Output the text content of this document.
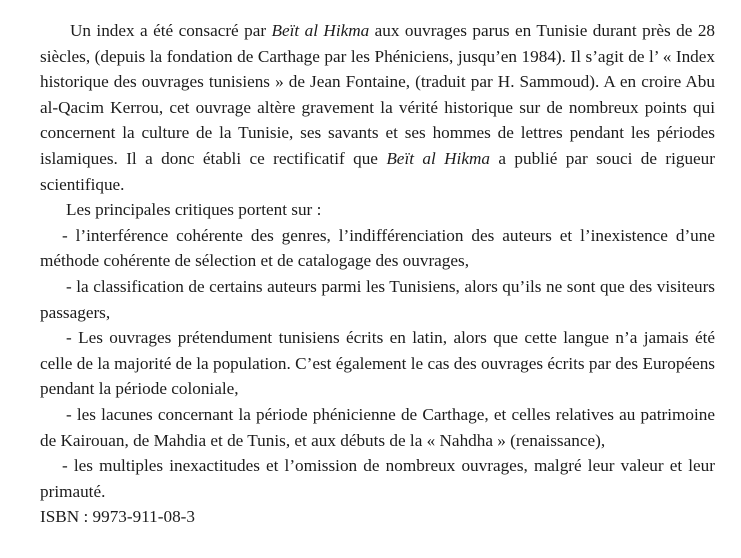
Un index a été consacré par Beït al Hikma aux ouvrages parus en Tunisie durant près de 28 siècles, (depuis la fondation de Carthage par les Phéniciens, jusqu’en 1984). Il s’agit de l’ « Index historique des ouvrages tunisiens » de Jean Fontaine, (traduit par H. Sammoud). A en croire Abu al-Qacim Kerrou, cet ouvrage altère gravement la vérité historique sur de nombreux points qui concernent la culture de la Tunisie, ses savants et ses hommes de lettres pendant les périodes islamiques. Il a donc établi ce rectificatif que Beït al Hikma a publié par souci de rigueur scientifique.

Les principales critiques portent sur :

- l’interférence cohérente des genres, l’indifférenciation des auteurs et l’inexistence d’une méthode cohérente de sélection et de catalogage des ouvrages,

- la classification de certains auteurs parmi les Tunisiens, alors qu’ils ne sont que des visiteurs passagers,

- Les ouvrages prétendument tunisiens écrits en latin, alors que cette langue n’a jamais été celle de la majorité de la population. C’est également le cas des ouvrages écrits par des Européens pendant la période coloniale,

- les lacunes concernant la période phénicienne de Carthage, et celles relatives au patrimoine de Kairouan, de Mahdia et de Tunis, et aux débuts de la « Nahdha » (renaissance),

- les multiples inexactitudes et l’omission de nombreux ouvrages, malgré leur valeur et leur primauté.

ISBN : 9973-911-08-3
